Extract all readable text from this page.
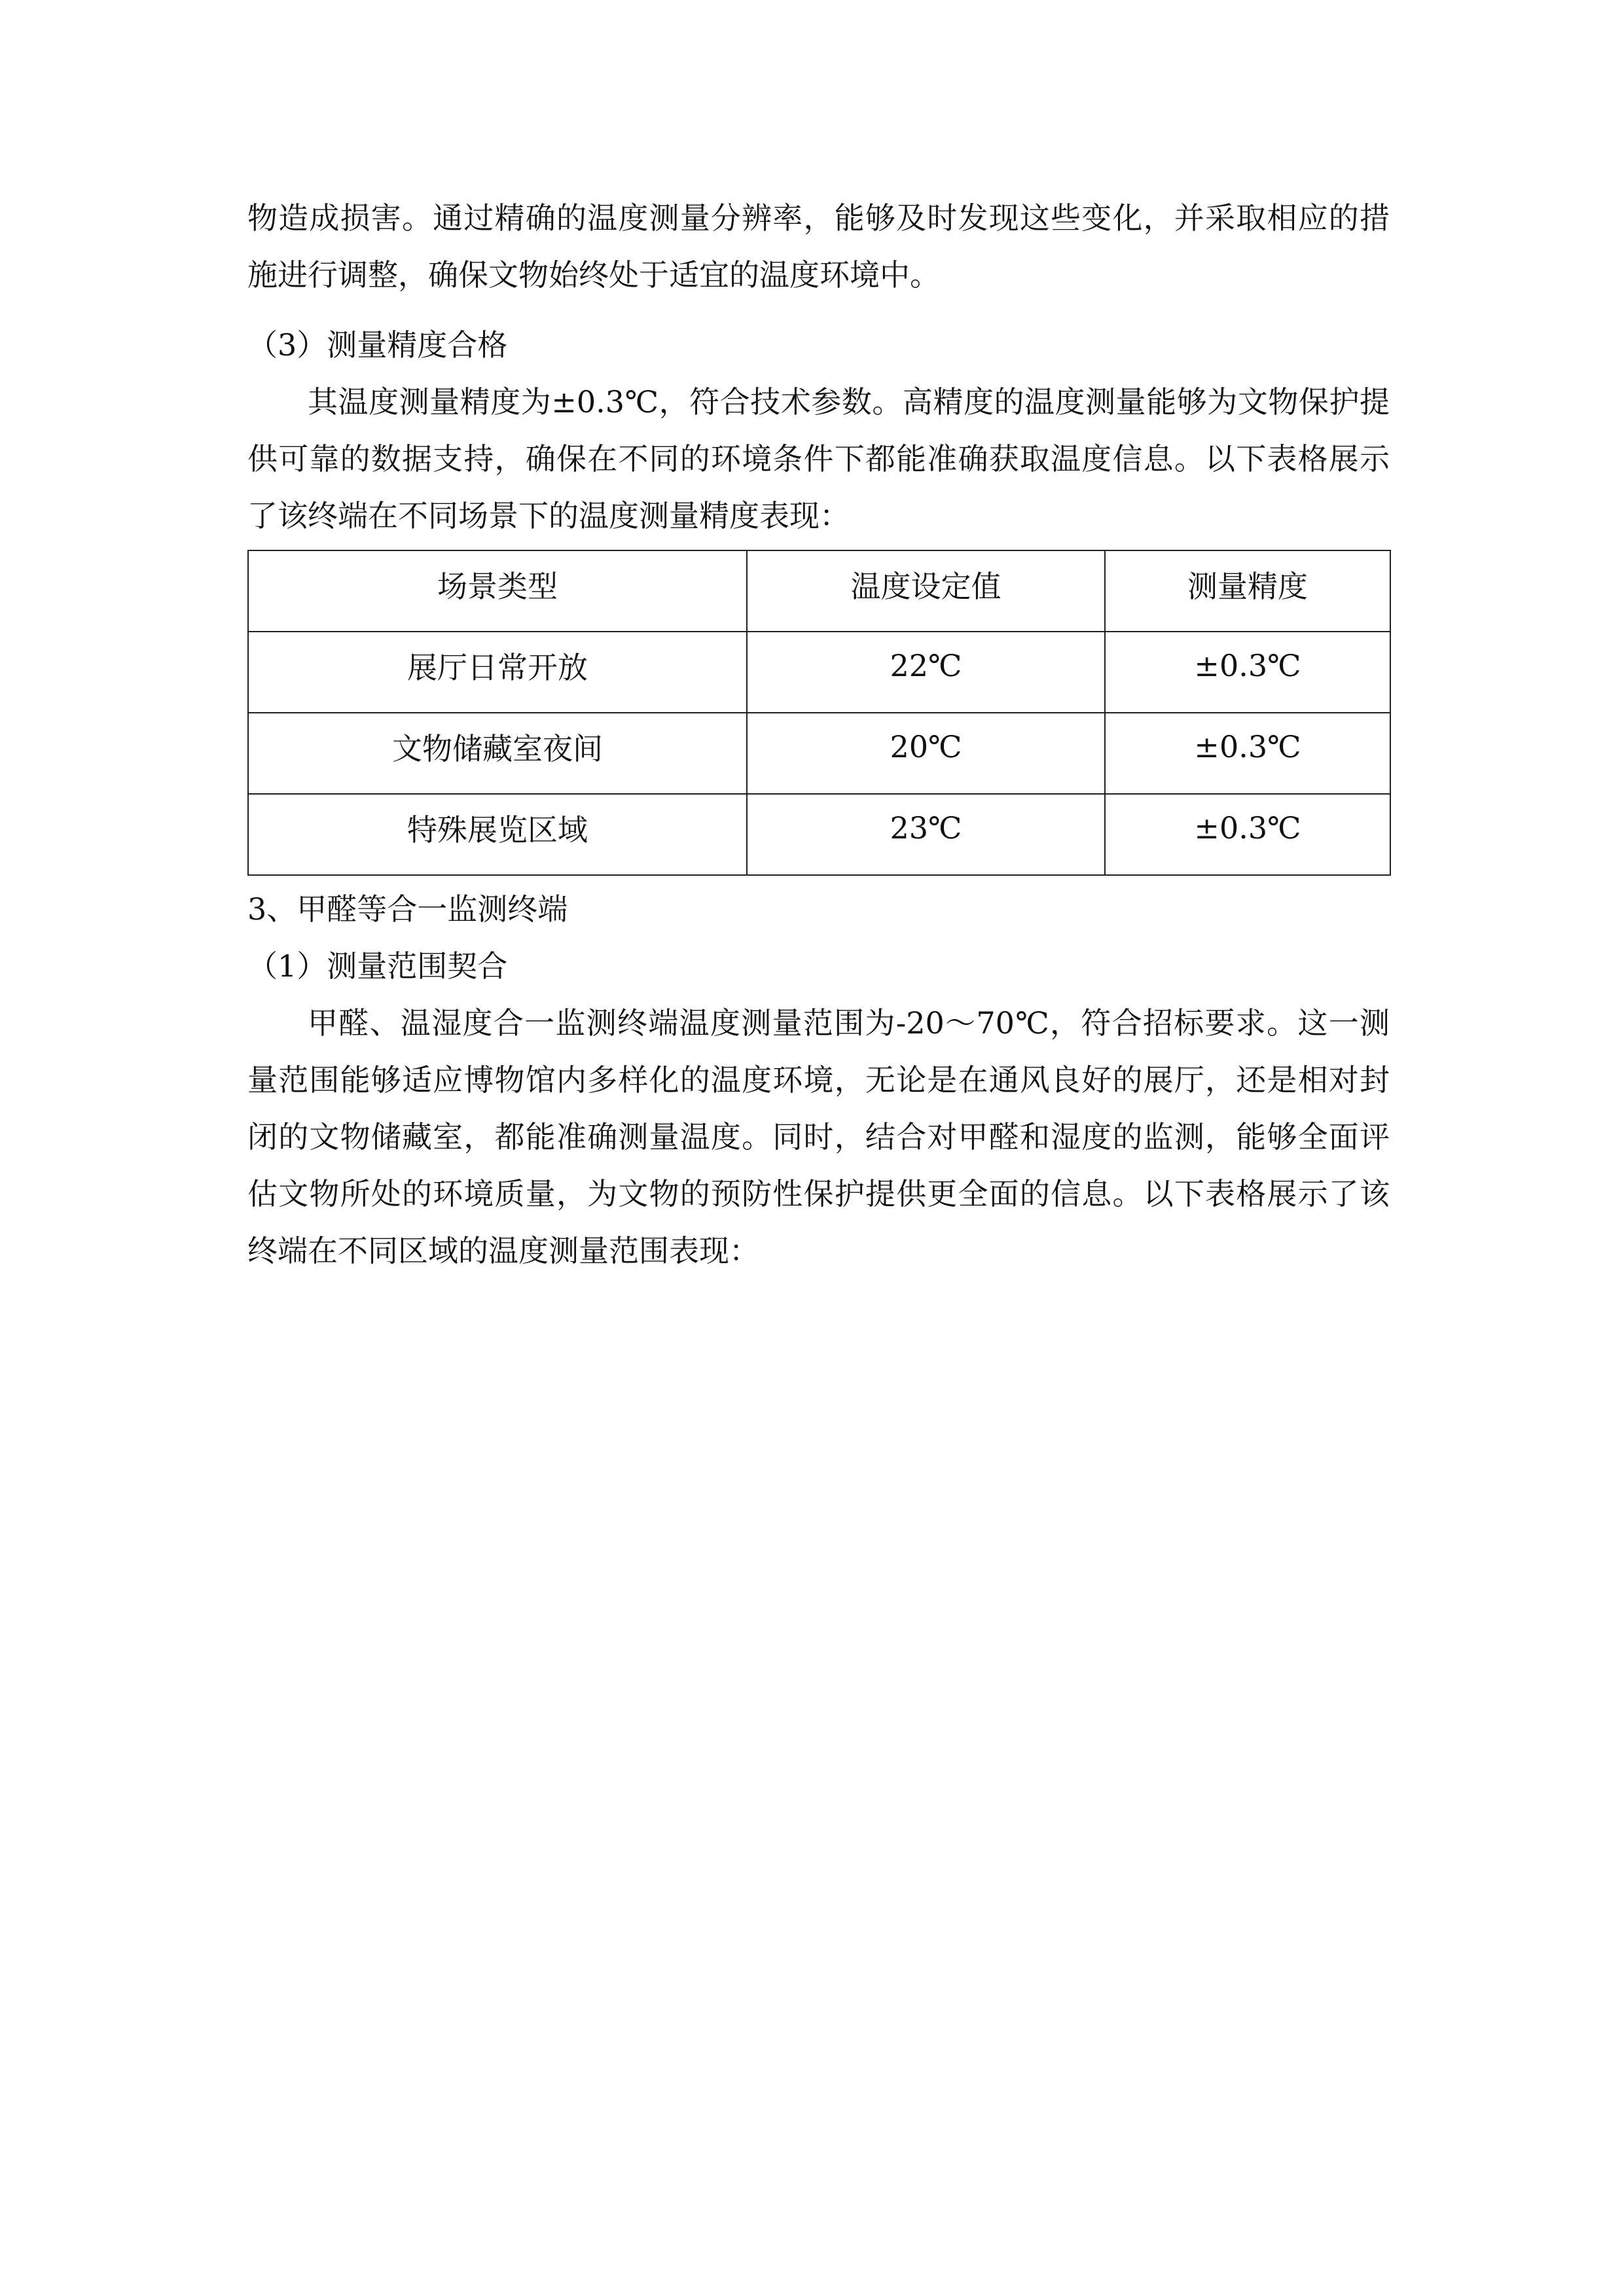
物造成损害。通过精确的温度测量分辨率，能够及时发现这些变化，并采取相应的措施进行调整，确保文物始终处于适宜的温度环境中。

（3）测量精度合格

其温度测量精度为±0.3℃，符合技术参数。高精度的温度测量能够为文物保护提供可靠的数据支持，确保在不同的环境条件下都能准确获取温度信息。以下表格展示了该终端在不同场景下的温度测量精度表现：

场景类型	温度设定值	测量精度
展厅日常开放	22℃	±0.3℃
文物储藏室夜间	20℃	±0.3℃
特殊展览区域	23℃	±0.3℃

3、甲醛等合一监测终端

（1）测量范围契合

甲醛、温湿度合一监测终端温度测量范围为-20～70℃，符合招标要求。这一测量范围能够适应博物馆内多样化的温度环境，无论是在通风良好的展厅，还是相对封闭的文物储藏室，都能准确测量温度。同时，结合对甲醛和湿度的监测，能够全面评估文物所处的环境质量，为文物的预防性保护提供更全面的信息。以下表格展示了该终端在不同区域的温度测量范围表现：
